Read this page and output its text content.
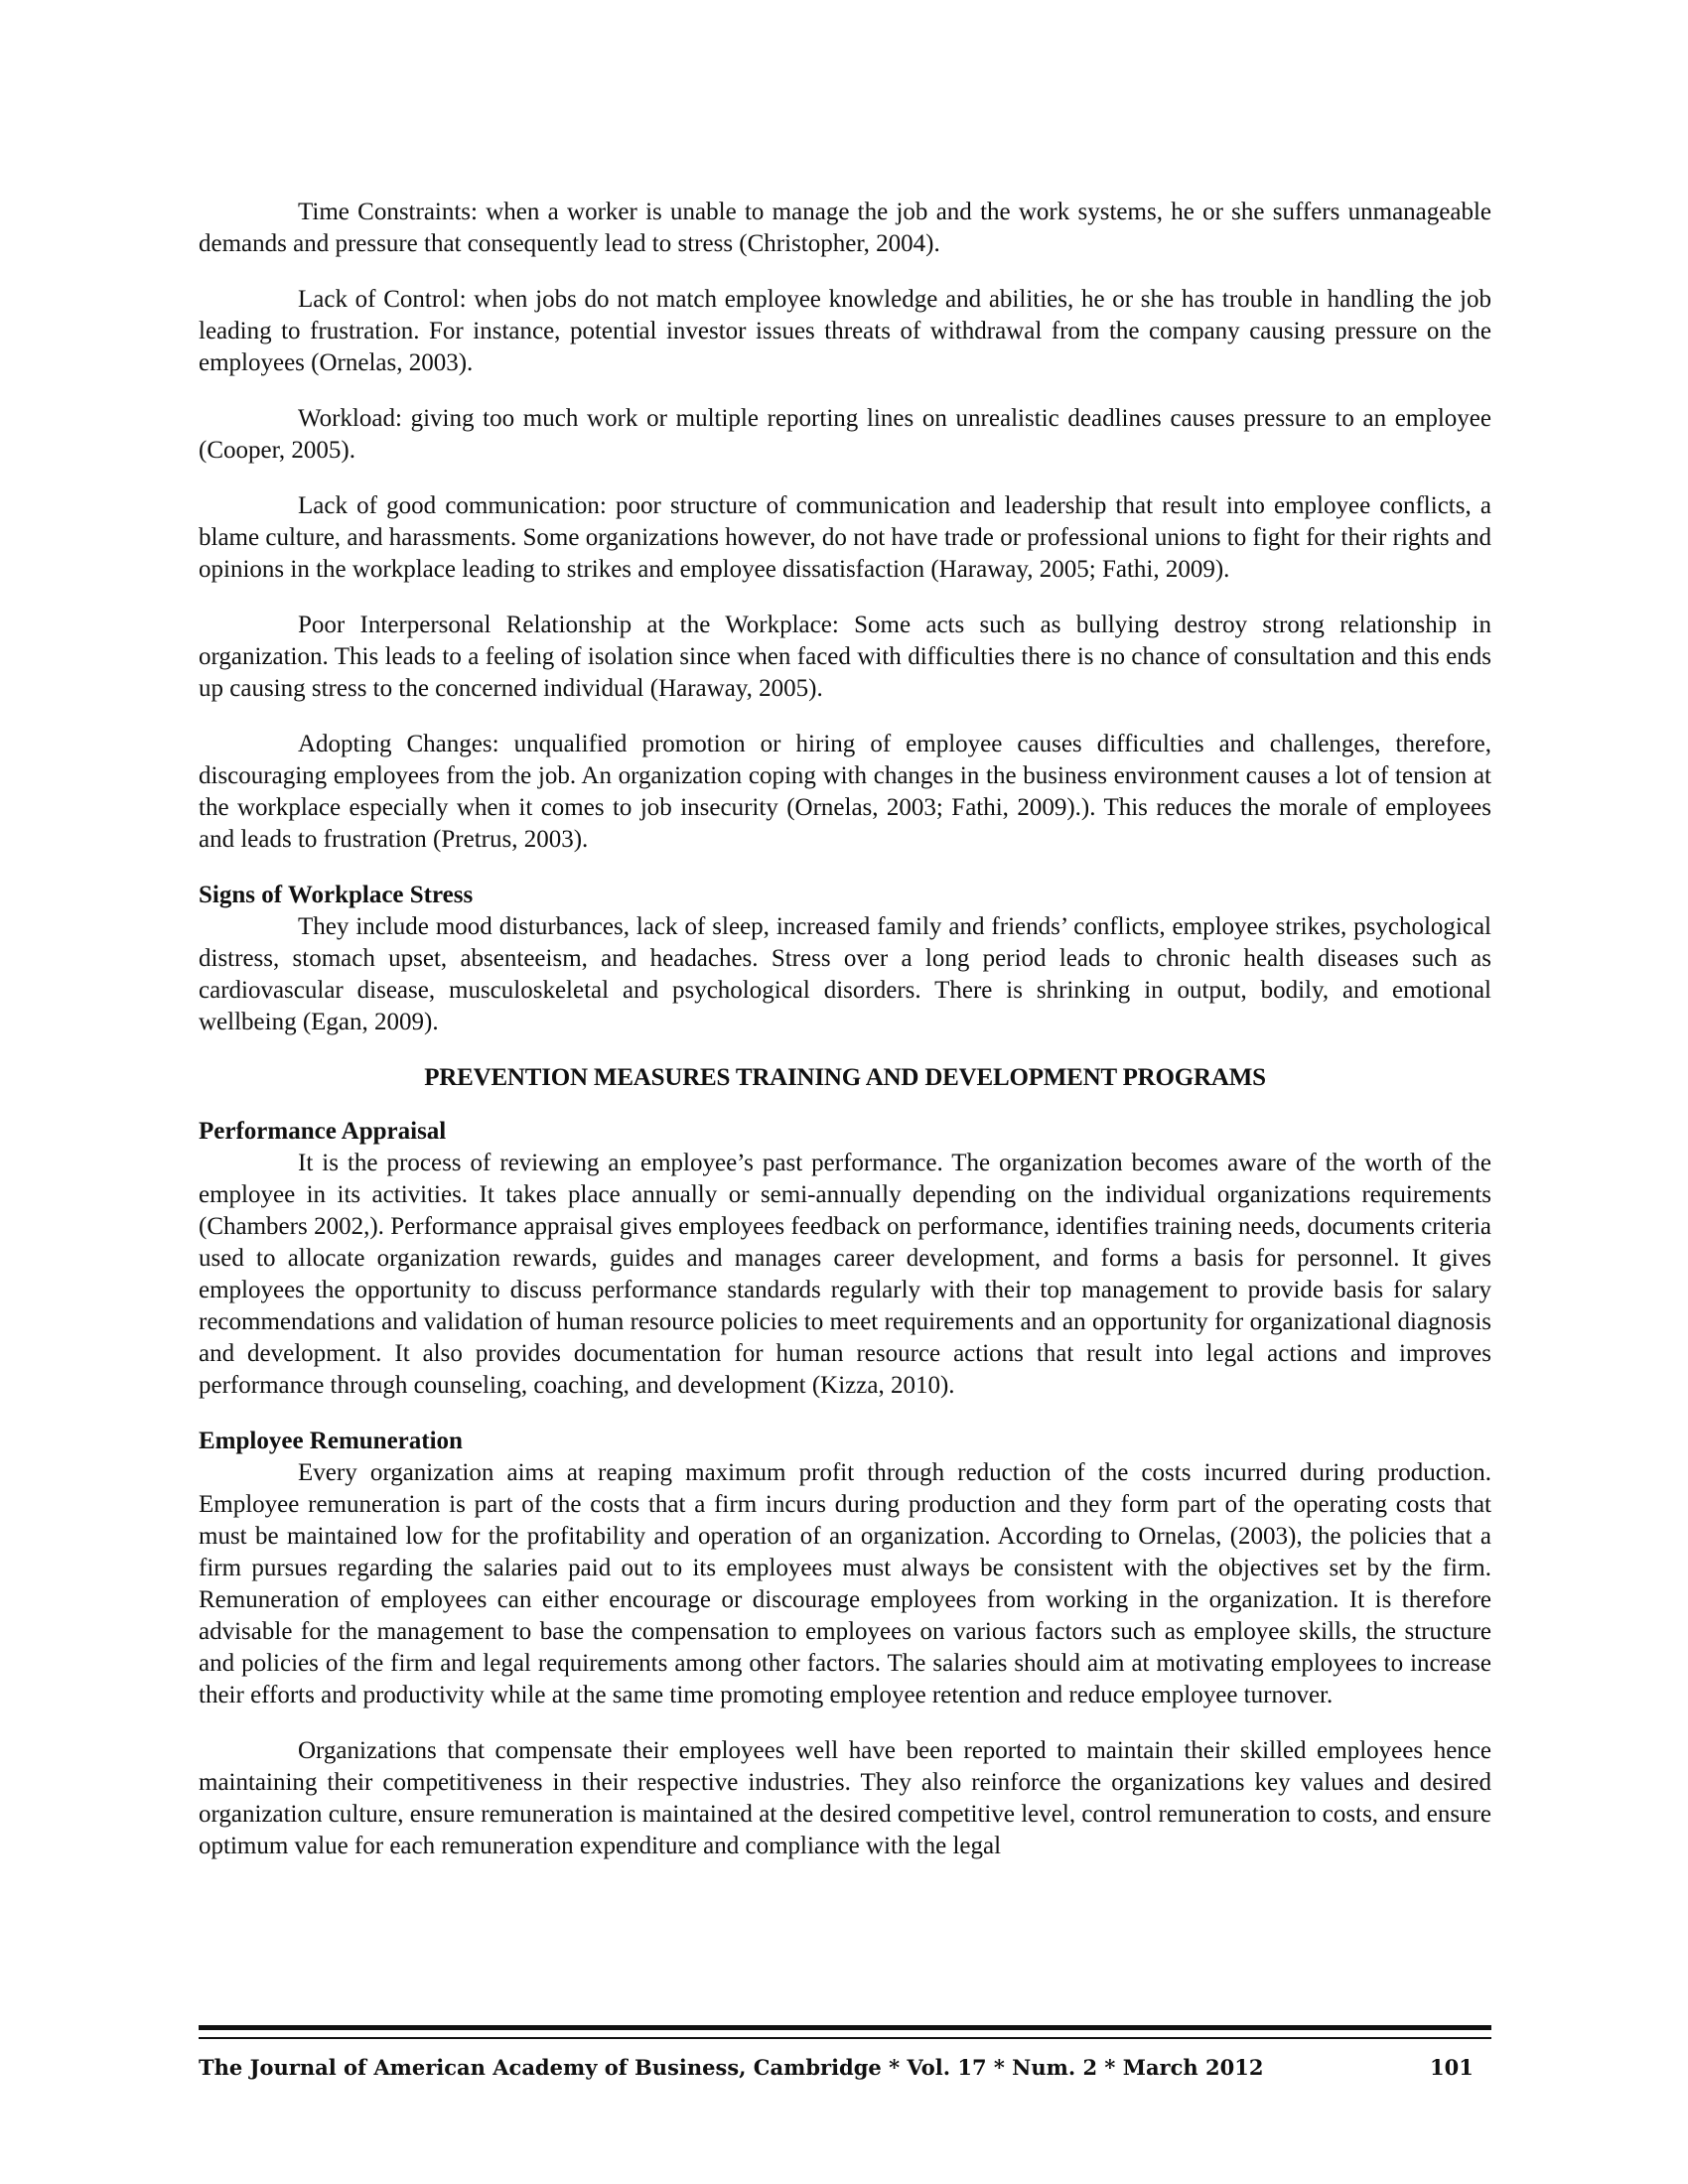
Time Constraints: when a worker is unable to manage the job and the work systems, he or she suffers unmanageable demands and pressure that consequently lead to stress (Christopher, 2004).

Lack of Control: when jobs do not match employee knowledge and abilities, he or she has trouble in handling the job leading to frustration. For instance, potential investor issues threats of withdrawal from the company causing pressure on the employees (Ornelas, 2003).

Workload: giving too much work or multiple reporting lines on unrealistic deadlines causes pressure to an employee (Cooper, 2005).

Lack of good communication: poor structure of communication and leadership that result into employee conflicts, a blame culture, and harassments. Some organizations however, do not have trade or professional unions to fight for their rights and opinions in the workplace leading to strikes and employee dissatisfaction (Haraway, 2005; Fathi, 2009).

Poor Interpersonal Relationship at the Workplace: Some acts such as bullying destroy strong relationship in organization. This leads to a feeling of isolation since when faced with difficulties there is no chance of consultation and this ends up causing stress to the concerned individual (Haraway, 2005).

Adopting Changes: unqualified promotion or hiring of employee causes difficulties and challenges, therefore, discouraging employees from the job. An organization coping with changes in the business environment causes a lot of tension at the workplace especially when it comes to job insecurity (Ornelas, 2003; Fathi, 2009).). This reduces the morale of employees and leads to frustration (Pretrus, 2003).

Signs of Workplace Stress

They include mood disturbances, lack of sleep, increased family and friends’ conflicts, employee strikes, psychological distress, stomach upset, absenteeism, and headaches. Stress over a long period leads to chronic health diseases such as cardiovascular disease, musculoskeletal and psychological disorders. There is shrinking in output, bodily, and emotional wellbeing (Egan, 2009).

PREVENTION MEASURES TRAINING AND DEVELOPMENT PROGRAMS
Performance Appraisal

It is the process of reviewing an employee’s past performance. The organization becomes aware of the worth of the employee in its activities. It takes place annually or semi-annually depending on the individual organizations requirements (Chambers 2002,). Performance appraisal gives employees feedback on performance, identifies training needs, documents criteria used to allocate organization rewards, guides and manages career development, and forms a basis for personnel. It gives employees the opportunity to discuss performance standards regularly with their top management to provide basis for salary recommendations and validation of human resource policies to meet requirements and an opportunity for organizational diagnosis and development. It also provides documentation for human resource actions that result into legal actions and improves performance through counseling, coaching, and development (Kizza, 2010).

Employee Remuneration

Every organization aims at reaping maximum profit through reduction of the costs incurred during production. Employee remuneration is part of the costs that a firm incurs during production and they form part of the operating costs that must be maintained low for the profitability and operation of an organization. According to Ornelas, (2003), the policies that a firm pursues regarding the salaries paid out to its employees must always be consistent with the objectives set by the firm. Remuneration of employees can either encourage or discourage employees from working in the organization. It is therefore advisable for the management to base the compensation to employees on various factors such as employee skills, the structure and policies of the firm and legal requirements among other factors. The salaries should aim at motivating employees to increase their efforts and productivity while at the same time promoting employee retention and reduce employee turnover.

Organizations that compensate their employees well have been reported to maintain their skilled employees hence maintaining their competitiveness in their respective industries. They also reinforce the organizations key values and desired organization culture, ensure remuneration is maintained at the desired competitive level, control remuneration to costs, and ensure optimum value for each remuneration expenditure and compliance with the legal

The Journal of American Academy of Business, Cambridge * Vol. 17 * Num. 2 * March 2012	101
